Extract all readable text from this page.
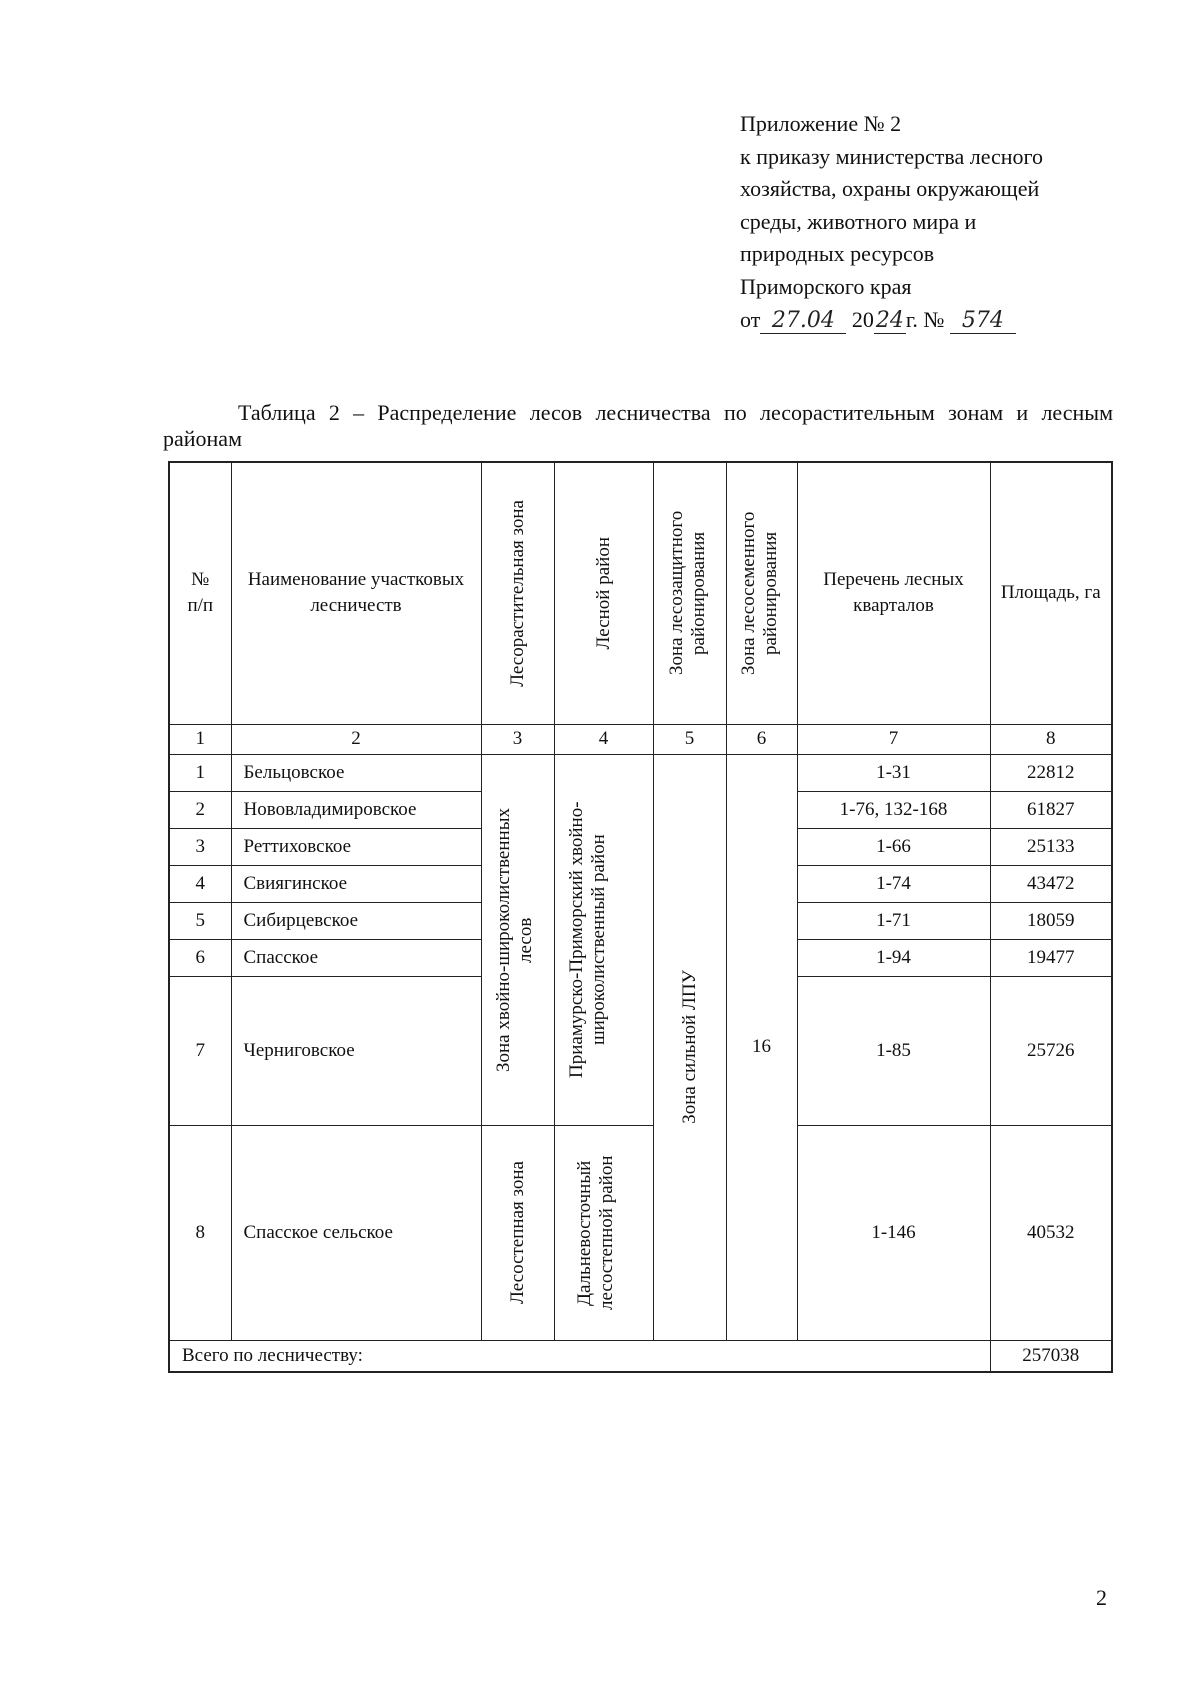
Приложение № 2
к приказу министерства лесного
хозяйства, охраны окружающей
среды, животного мира и
природных ресурсов
Приморского края
от 27.04 2024г. № 574
Таблица 2 – Распределение лесов лесничества по лесорастительным зонам и лесным районам
№ п/п	Наименование участковых лесничеств	Лесорастительная зона	Лесной район	Зона лесозащитного районирования	Зона лесосеменного районирования	Перечень лесных кварталов	Площадь, га

1	2	3	4	5	6	7	8
1	Бельцовское	Зона хвойно-широколиственных лесов	Приамурско-Приморский хвойно-широколиственный район	Зона сильной ЛПУ	16	1-31	22812
2	Нововладимировское					1-76, 132-168	61827
3	Реттиховское					1-66	25133
4	Свиягинское					1-74	43472
5	Сибирцевское					1-71	18059
6	Спасское					1-94	19477
7	Черниговское					1-85	25726
8	Спасское сельское	Лесостепная зона	Дальневосточный лесостепной район			1-146	40532
Всего по лесничеству:							257038
2
